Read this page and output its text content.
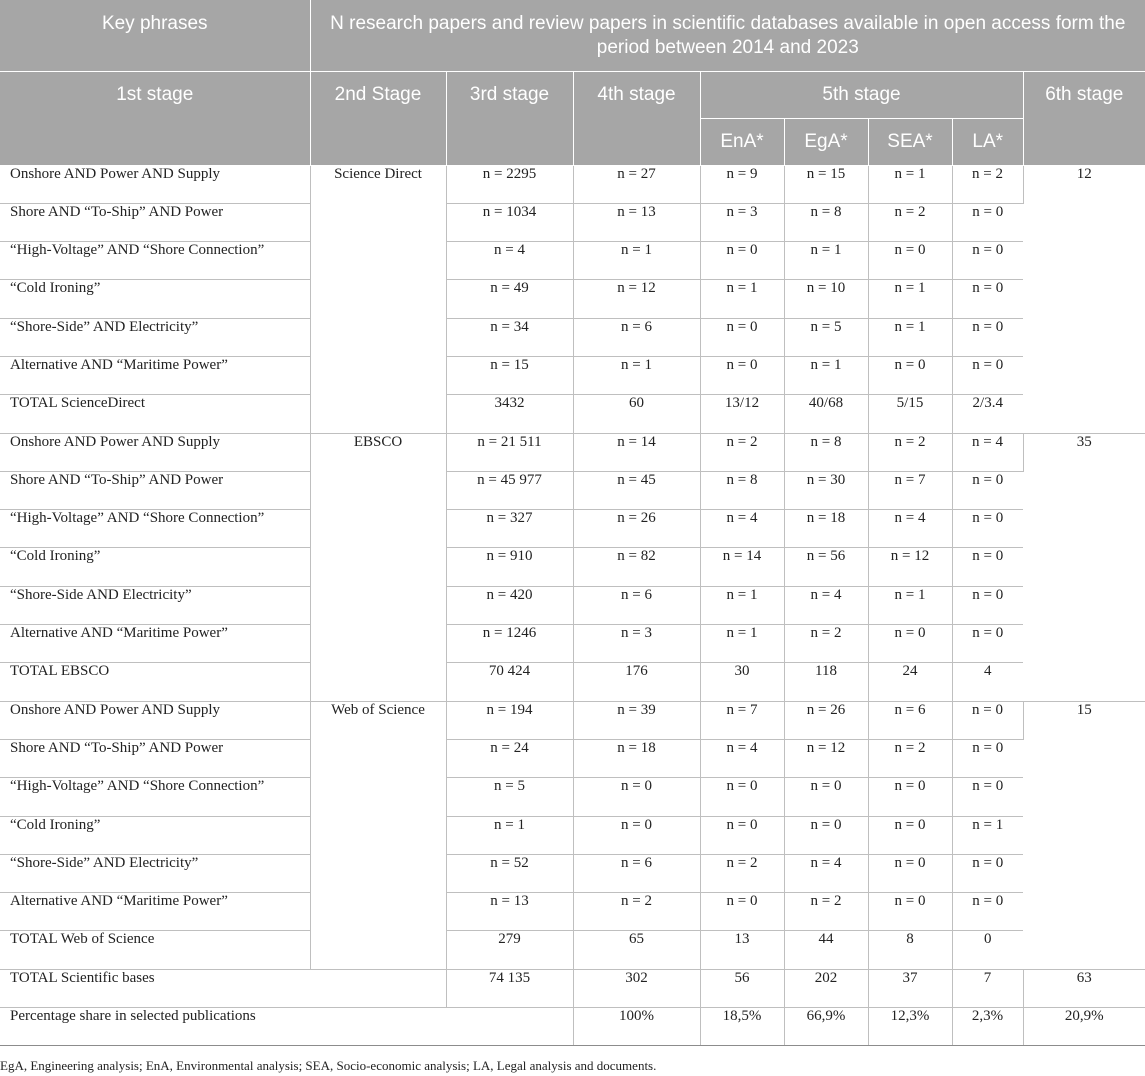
Key phrases	N research papers and review papers in scientific databases available in open access form the period between 2014 and 2023							
1st stage	2nd Stage	3rd stage	4th stage	5th stage				6th stage
				EnA*	EgA*	SEA*	LA*	
Onshore AND Power AND Supply	Science Direct	n = 2295	n = 27	n = 9	n = 15	n = 1	n = 2	12
Shore AND “To-Ship” AND Power		n = 1034	n = 13	n = 3	n = 8	n = 2	n = 0	
“High-Voltage” AND “Shore Connection”		n = 4	n = 1	n = 0	n = 1	n = 0	n = 0	
“Cold Ironing”		n = 49	n = 12	n = 1	n = 10	n = 1	n = 0	
“Shore-Side” AND Electricity”		n = 34	n = 6	n = 0	n = 5	n = 1	n = 0	
Alternative AND “Maritime Power”		n = 15	n = 1	n = 0	n = 1	n = 0	n = 0	
TOTAL ScienceDirect		3432	60	13/12	40/68	5/15	2/3.4	
Onshore AND Power AND Supply	EBSCO	n = 21 511	n = 14	n = 2	n = 8	n = 2	n = 4	35
Shore AND “To-Ship” AND Power		n = 45 977	n = 45	n = 8	n = 30	n = 7	n = 0	
“High-Voltage” AND “Shore Connection”		n = 327	n = 26	n = 4	n = 18	n = 4	n = 0	
“Cold Ironing”		n = 910	n = 82	n = 14	n = 56	n = 12	n = 0	
“Shore-Side AND Electricity”		n = 420	n = 6	n = 1	n = 4	n = 1	n = 0	
Alternative AND “Maritime Power”		n = 1246	n = 3	n = 1	n = 2	n = 0	n = 0	
TOTAL EBSCO		70 424	176	30	118	24	4	
Onshore AND Power AND Supply	Web of Science	n = 194	n = 39	n = 7	n = 26	n = 6	n = 0	15
Shore AND “To-Ship” AND Power		n = 24	n = 18	n = 4	n = 12	n = 2	n = 0	
“High-Voltage” AND “Shore Connection”		n = 5	n = 0	n = 0	n = 0	n = 0	n = 0	
“Cold Ironing”		n = 1	n = 0	n = 0	n = 0	n = 0	n = 1	
“Shore-Side” AND Electricity”		n = 52	n = 6	n = 2	n = 4	n = 0	n = 0	
Alternative AND “Maritime Power”		n = 13	n = 2	n = 0	n = 2	n = 0	n = 0	
TOTAL Web of Science		279	65	13	44	8	0	
TOTAL Scientific bases		74 135	302	56	202	37	7	63
Percentage share in selected publications			100%	18,5%	66,9%	12,3%	2,3%	20,9%
EgA, Engineering analysis; EnA, Environmental analysis; SEA, Socio-economic analysis; LA, Legal analysis and documents.
